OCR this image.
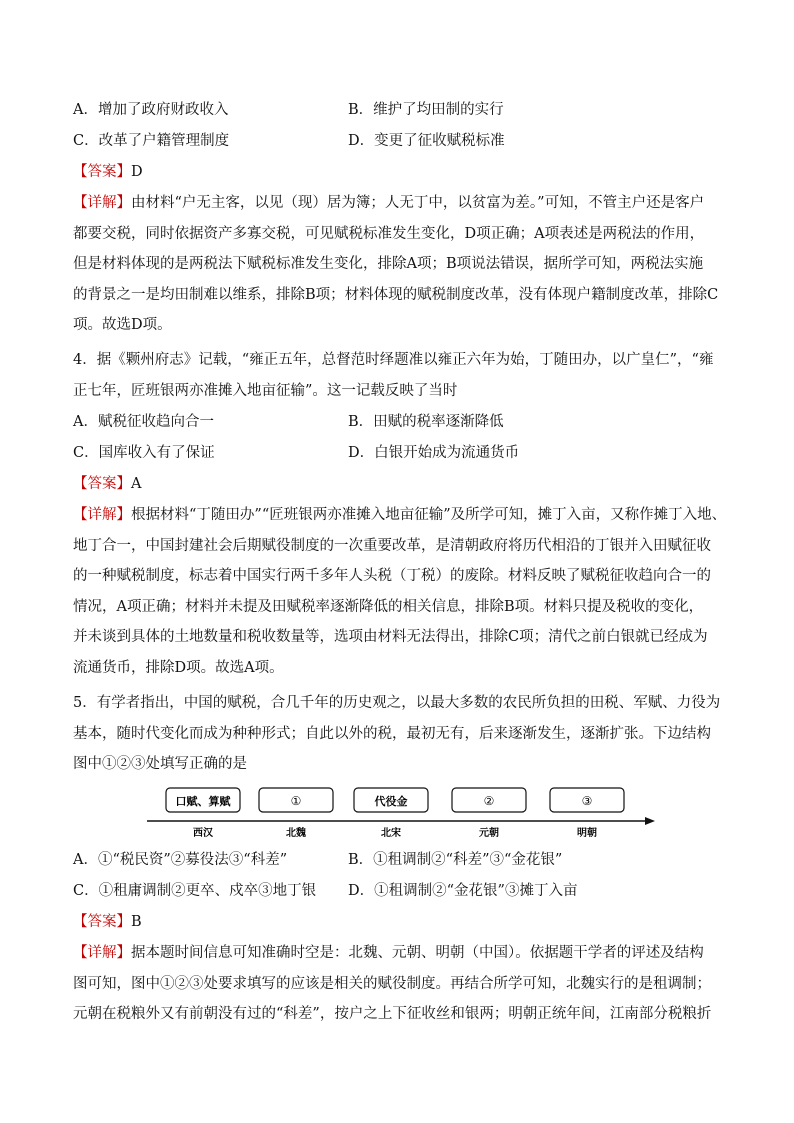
A．增加了政府财政收入	B．维护了均田制的实行
C．改革了户籍管理制度	D．变更了征收赋税标准
【答案】D
【详解】由材料“户无主客，以见（现）居为簿；人无丁中，以贫富为差。”可知，不管主户还是客户
都要交税，同时依据资产多寡交税，可见赋税标准发生变化，D项正确；A项表述是两税法的作用，
但是材料体现的是两税法下赋税标准发生变化，排除A项；B项说法错误，据所学可知，两税法实施
的背景之一是均田制难以维系，排除B项；材料体现的赋税制度改革，没有体现户籍制度改革，排除C
项。故选D项。
4．据《颗州府志》记载，“雍正五年，总督范时绎题准以雍正六年为始，丁随田办，以广皇仁”，“雍
正七年，匠班银两亦准摊入地亩征输”。这一记载反映了当时
A．赋税征收趋向合一	B．田赋的税率逐渐降低
C．国库收入有了保证	D．白银开始成为流通货币
【答案】A
【详解】根据材料“丁随田办”“匠班银两亦准摊入地亩征输”及所学可知，摊丁入亩，又称作摊丁入地、
地丁合一，中国封建社会后期赋役制度的一次重要改革，是清朝政府将历代相沿的丁银并入田赋征收
的一种赋税制度，标志着中国实行两千多年人头税（丁税）的废除。材料反映了赋税征收趋向合一的
情况，A项正确；材料并未提及田赋税率逐渐降低的相关信息，排除B项。材料只提及税收的变化，
并未谈到具体的土地数量和税收数量等，选项由材料无法得出，排除C项；清代之前白银就已经成为
流通货币，排除D项。故选A项。
5．有学者指出，中国的赋税，合几千年的历史观之，以最大多数的农民所负担的田税、军赋、力役为
基本，随时代变化而成为种种形式；自此以外的税，最初无有，后来逐渐发生，逐渐扩张。下边结构
图中①②③处填写正确的是
口赋、算赋	①	代役金	②	③
西汉	北魏	北宋	元朝	明朝
A．①“税民资”②募役法③“科差”	B．①租调制②“科差”③“金花银”
C．①租庸调制②更卒、戍卒③地丁银 D．①租调制②“金花银”③摊丁入亩
【答案】B
【详解】据本题时间信息可知准确时空是：北魏、元朝、明朝（中国）。依据题干学者的评述及结构
图可知，图中①②③处要求填写的应该是相关的赋役制度。再结合所学可知，北魏实行的是租调制；
元朝在税粮外又有前朝没有过的“科差”，按户之上下征收丝和银两；明朝正统年间，江南部分税粮折
